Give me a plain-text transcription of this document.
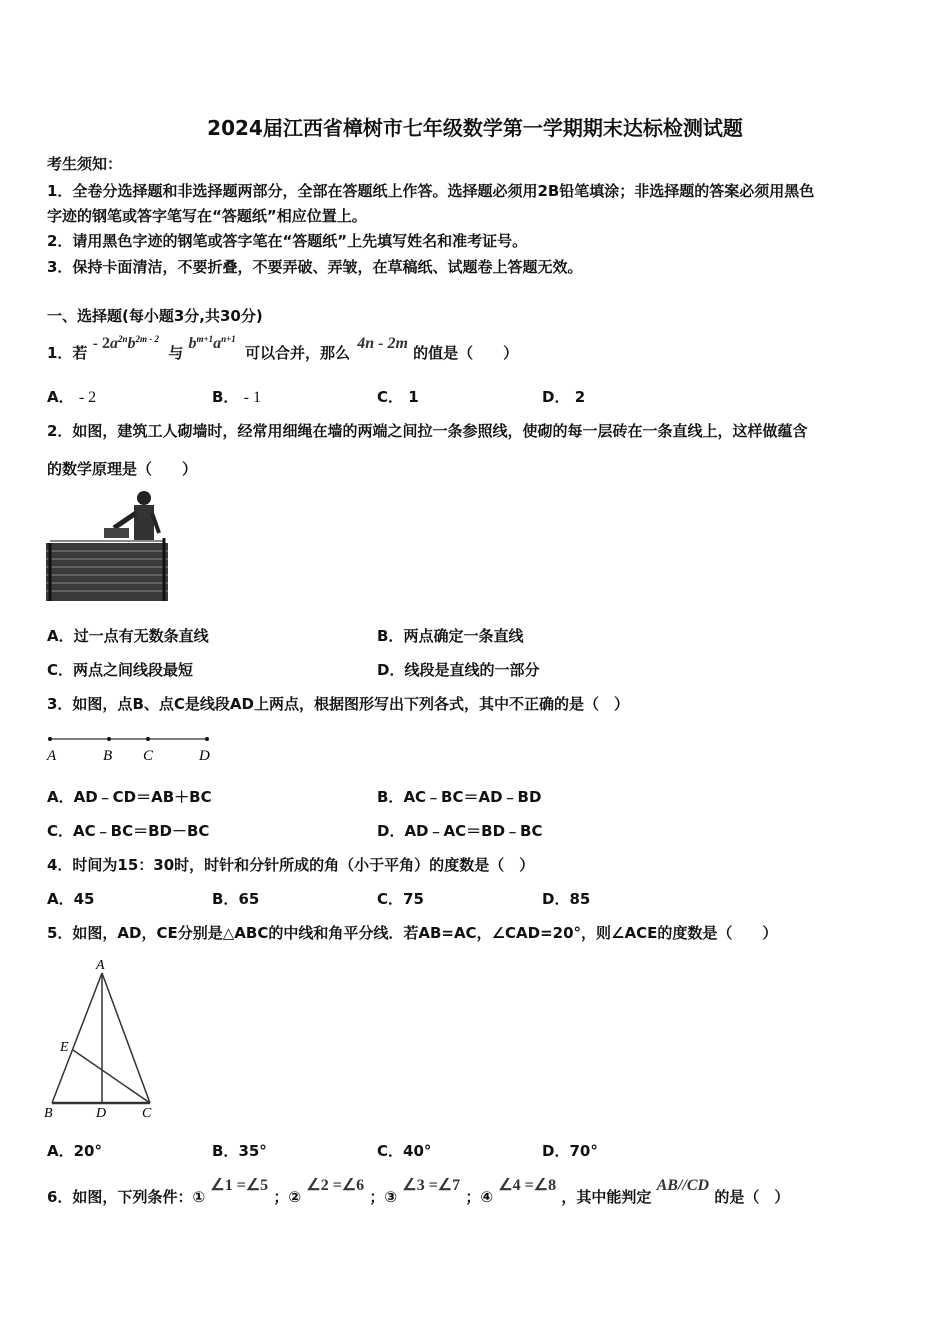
2024届江西省樟树市七年级数学第一学期期末达标检测试题
考生须知：
1．全卷分选择题和非选择题两部分，全部在答题纸上作答。选择题必须用2B铅笔填涂；非选择题的答案必须用黑色
字迹的钢笔或答字笔写在“答题纸”相应位置上。
2．请用黑色字迹的钢笔或答字笔在“答题纸”上先填写姓名和准考证号。
3．保持卡面清洁，不要折叠，不要弄破、弄皱，在草稿纸、试题卷上答题无效。
一、选择题(每小题3分,共30分)
1．若 - $2a^{2n}b^{2m - 2}$ 与 $b^{m+1}a^{n+1}$ 可以合并，那么 4n - 2m 的值是（　　）
A． - 2	B． - 1	C． 1	D． 2
2．如图，建筑工人砌墙时，经常用细绳在墙的两端之间拉一条参照线，使砌的每一层砖在一条直线上，这样做蕴含
的数学原理是（　　）
A．过一点有无数条直线	B．两点确定一条直线
C．两点之间线段最短	D．线段是直线的一部分
3．如图，点B、点C是线段AD上两点，根据图形写出下列各式，其中不正确的是（　）
A	B C	D
A．AD﹣CD＝AB＋BC	B．AC﹣BC＝AD﹣BD
C．AC﹣BC＝BD－BC	D．AD﹣AC＝BD﹣BC
4．时间为15：30时，时针和分针所成的角（小于平角）的度数是（　）
A．45	B．65	C．75	D．85
5．如图，AD，CE分别是△ABC的中线和角平分线．若AB=AC，∠CAD=20°，则∠ACE的度数是（　　）
A
E
B	D	C
A．20°	B．35°	C．40°	D．70°
6．如图，下列条件：① ∠1 =∠5 ；② ∠2 =∠6 ；③ ∠3 =∠7 ；④ ∠4 =∠8 ，其中能判定 AB//CD 的是（　）
